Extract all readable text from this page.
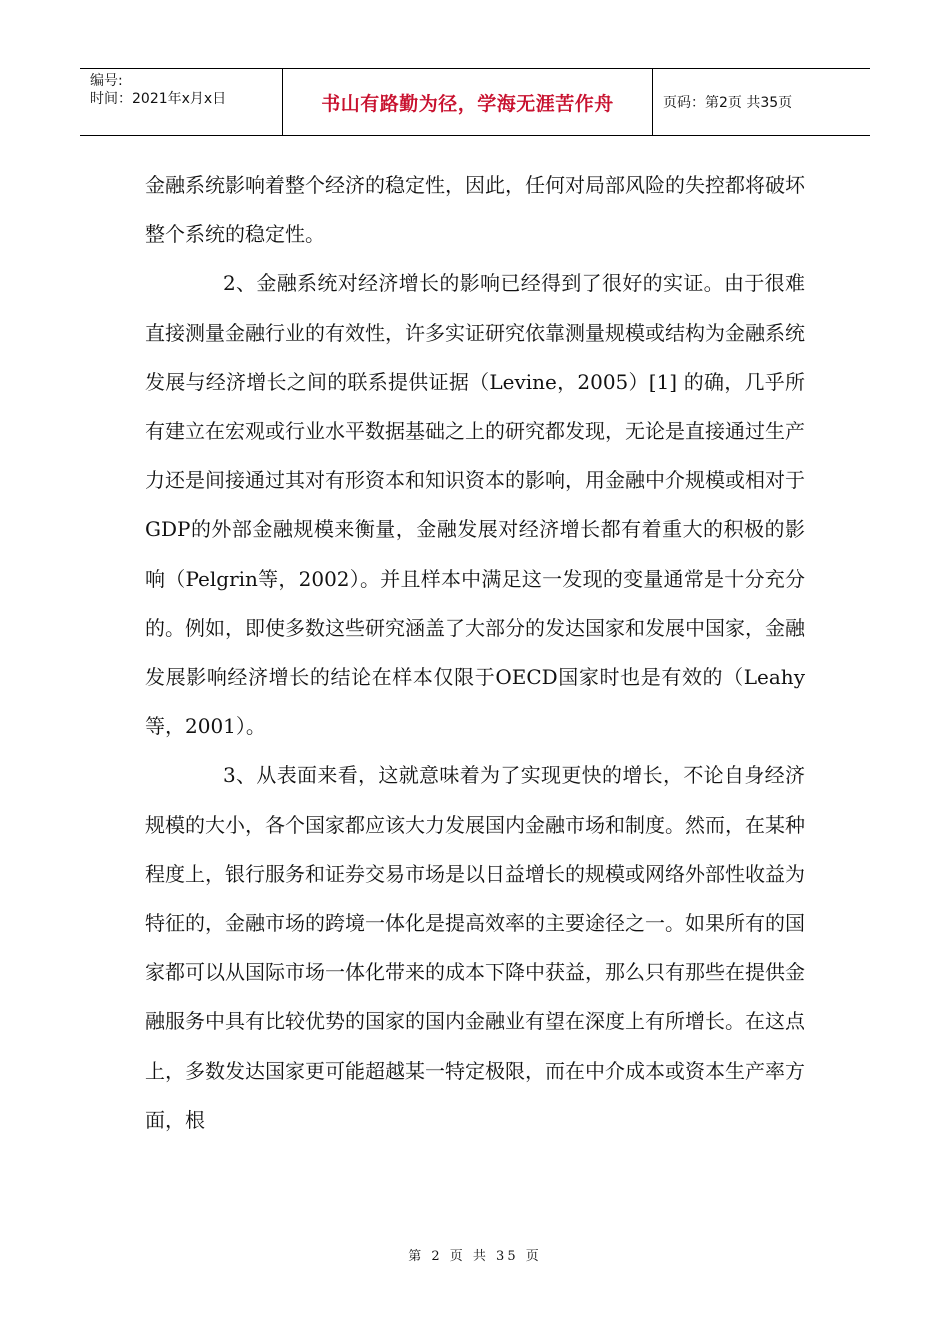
编号:
时间：2021年x月x日	书山有路勤为径，学海无涯苦作舟	页码：第2页 共35页

金融系统影响着整个经济的稳定性，因此，任何对局部风险的失控都将破坏整个系统的稳定性。

2、金融系统对经济增长的影响已经得到了很好的实证。由于很难直接测量金融行业的有效性，许多实证研究依靠测量规模或结构为金融系统发展与经济增长之间的联系提供证据（Levine，2005）[1] 的确，几乎所有建立在宏观或行业水平数据基础之上的研究都发现，无论是直接通过生产力还是间接通过其对有形资本和知识资本的影响，用金融中介规模或相对于GDP的外部金融规模来衡量，金融发展对经济增长都有着重大的积极的影响（Pelgrin等，2002）。并且样本中满足这一发现的变量通常是十分充分的。例如，即使多数这些研究涵盖了大部分的发达国家和发展中国家，金融发展影响经济增长的结论在样本仅限于OECD国家时也是有效的（Leahy等，2001）。

3、从表面来看，这就意味着为了实现更快的增长，不论自身经济规模的大小，各个国家都应该大力发展国内金融市场和制度。然而，在某种程度上，银行服务和证券交易市场是以日益增长的规模或网络外部性收益为特征的，金融市场的跨境一体化是提高效率的主要途径之一。如果所有的国家都可以从国际市场一体化带来的成本下降中获益，那么只有那些在提供金融服务中具有比较优势的国家的国内金融业有望在深度上有所增长。在这点上，多数发达国家更可能超越某一特定极限，而在中介成本或资本生产率方面，根

第 2 页 共 35 页
